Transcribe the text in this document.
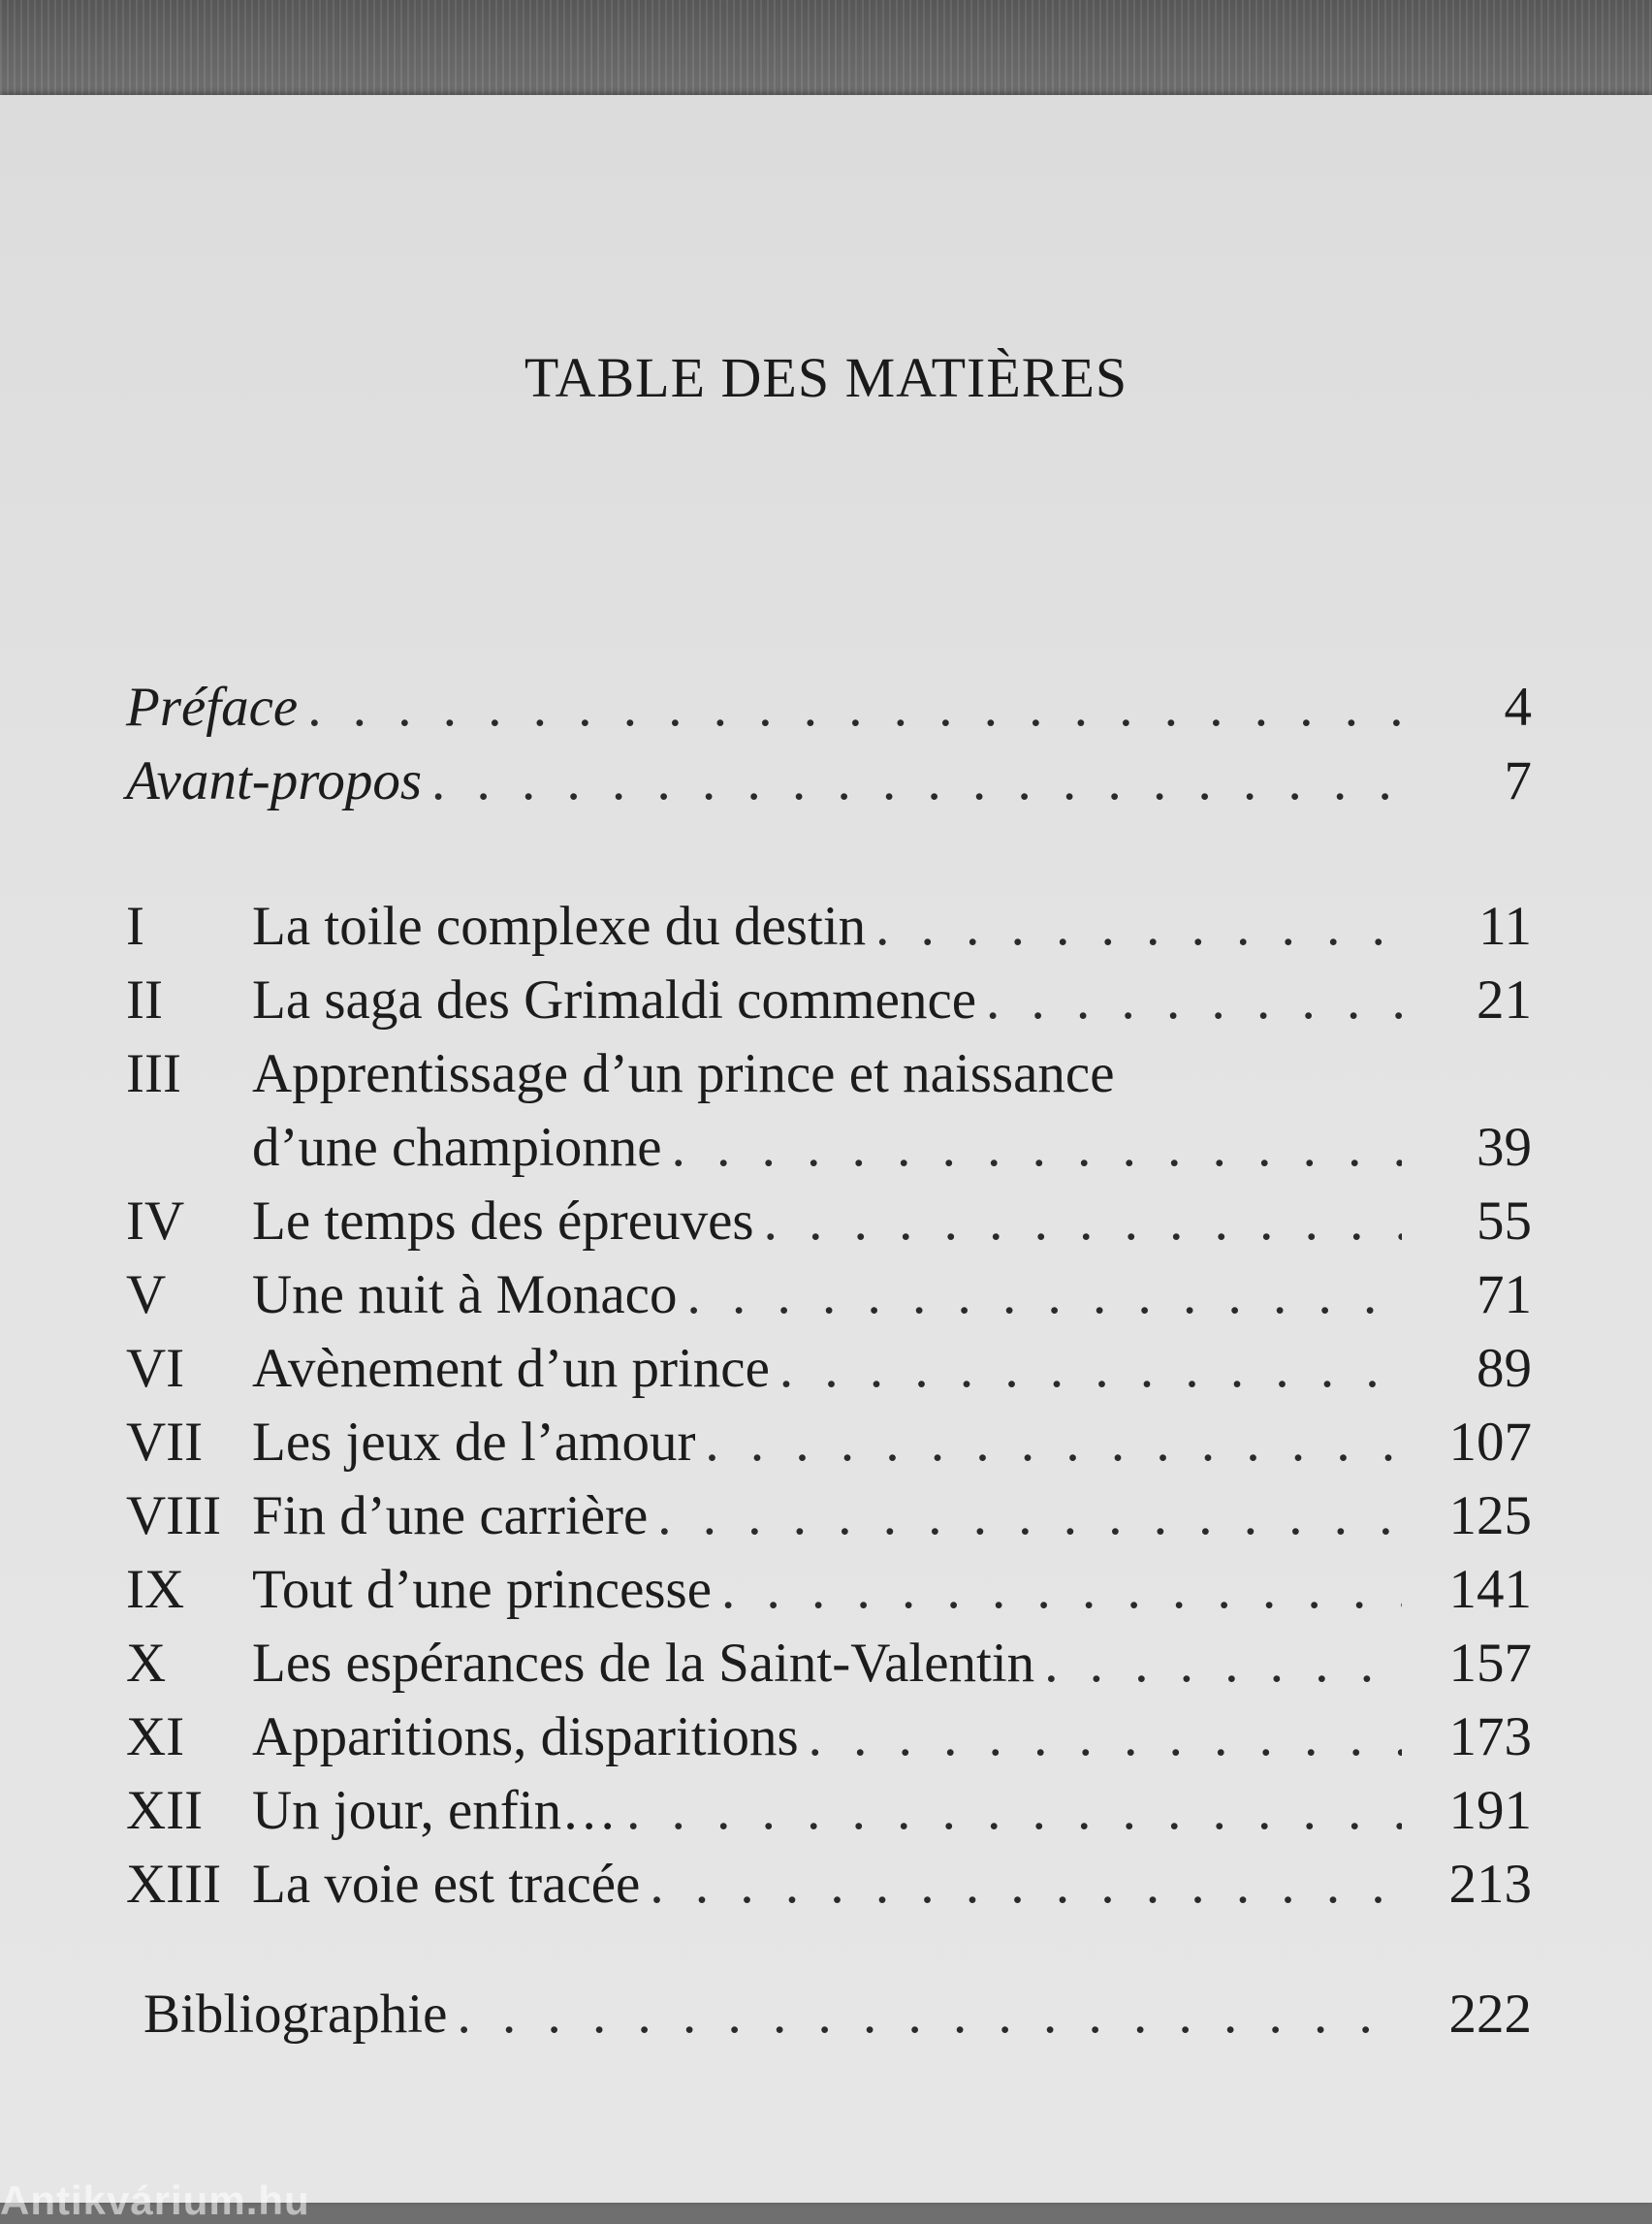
TABLE DES MATIÈRES
Préface . . .	4
Avant-propos . . .	7
I	La toile complexe du destin . . .	11
II	La saga des Grimaldi commence . . .	21
III	Apprentissage d’un prince et naissance
d’une championne . . .	39
IV	Le temps des épreuves . . .	55
V	Une nuit à Monaco . . .	71
VI	Avènement d’un prince . . .	89
VII Les jeux de l’amour . . .	107
VIII Fin d’une carrière . . .	125
IX	Tout d’une princesse . . .	141
X	Les espérances de la Saint-Valentin . . .	157
XI	Apparitions, disparitions . . .	173
XII Un jour, enfin… . . .	191
XIII La voie est tracée . . .	213
Bibliographie . . .	222
Antikvárium.hu
